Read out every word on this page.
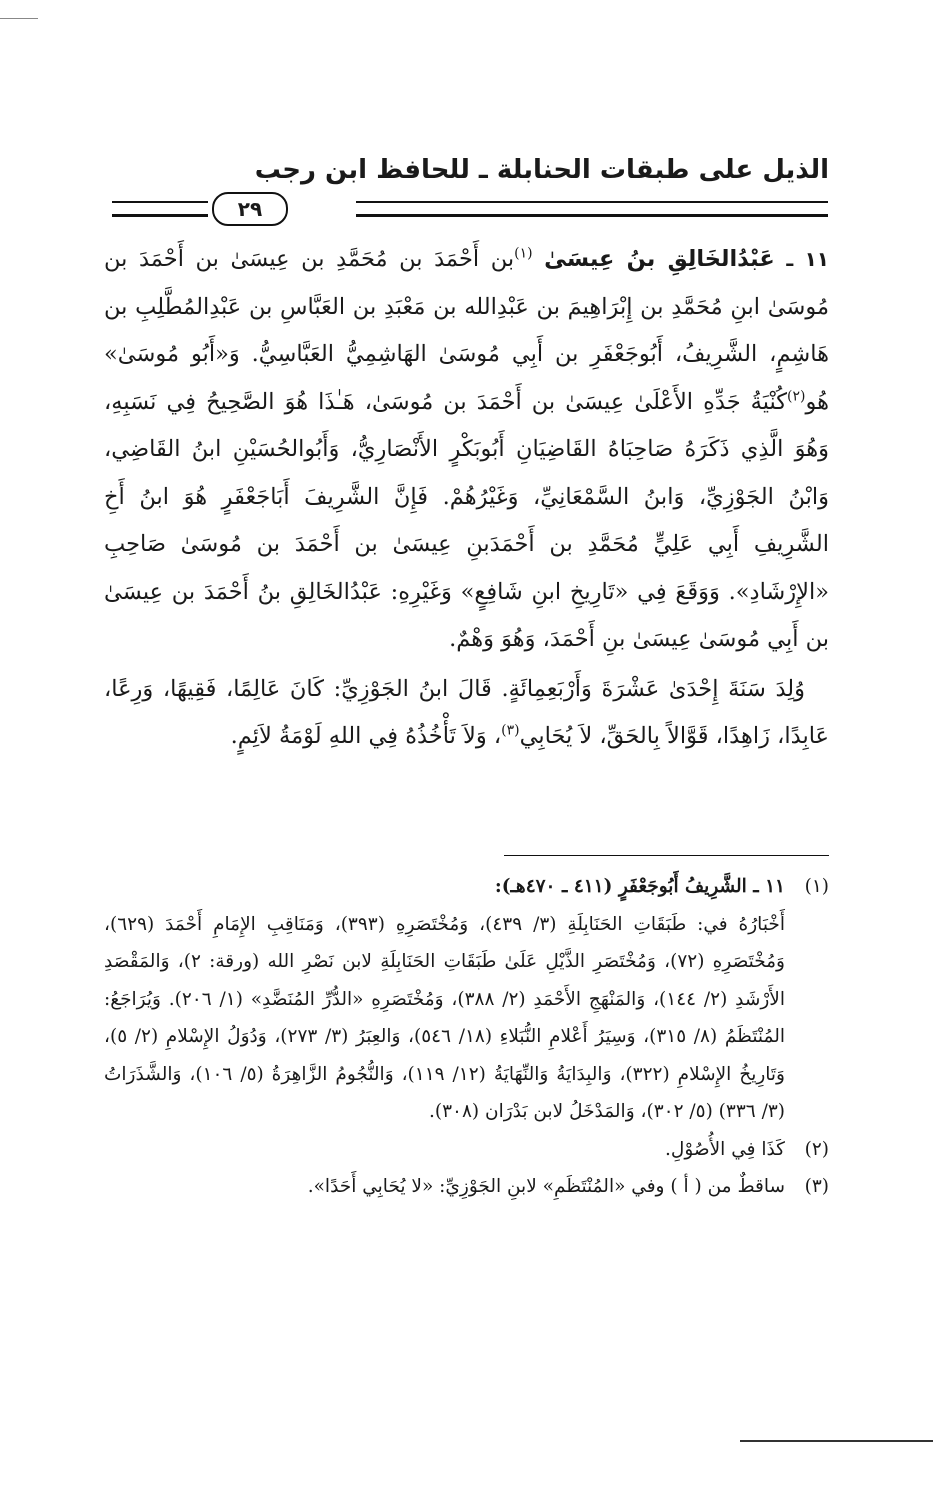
الذيل على طبقات الحنابلة ـ للحافظ ابن رجب
٢٩

١١ ـ عَبْدُالخَالِقِ بنُ عِيسَىٰ $^{(١)}$بن أَحْمَدَ بن مُحَمَّدِ بن عِيسَىٰ بن أَحْمَدَ بن مُوسَىٰ ابنِ مُحَمَّدِ بن إِبْرَاهِيمَ بن عَبْدِالله بن مَعْبَدِ بن العَبَّاسِ بن عَبْدِالمُطَّلِبِ بن هَاشِمٍ، الشَّرِيفُ، أَبُوجَعْفَرِ بن أَبِي مُوسَىٰ الهَاشِمِيُّ العَبَّاسِيُّ. وَ«أَبُو مُوسَىٰ» هُو$^{(٢)}$كُنْيَةُ جَدِّهِ الأَعْلَىٰ عِيسَىٰ بن أَحْمَدَ بن مُوسَىٰ، هَـٰذَا هُوَ الصَّحِيحُ فِي نَسَبِهِ، وَهُوَ الَّذِي ذَكَرَهُ صَاحِبَاهُ القَاضِيَانِ أَبُوبَكْرٍ الأَنْصَارِيُّ، وَأَبُوالحُسَيْنِ ابنُ القَاضِي، وَابْنُ الجَوْزِيِّ، وَابنُ السَّمْعَانِيِّ، وَغَيْرُهُمْ. فَإِنَّ الشَّرِيفَ أَبَاجَعْفَرٍ هُوَ ابنُ أَخِ الشَّرِيفِ أَبِي عَلِيٍّ مُحَمَّدِ بن أَحْمَدَبنِ عِيسَىٰ بن أَحْمَدَ بن مُوسَىٰ صَاحِبِ «الإِرْشَادِ». وَوَقَعَ فِي «تَارِيخِ ابنِ شَافِعٍ» وَغَيْرِهِ: عَبْدُالخَالِقِ بنُ أَحْمَدَ بن عِيسَىٰ بن أَبِي مُوسَىٰ عِيسَىٰ بنِ أَحْمَدَ، وَهُوَ وَهْمٌ.

وُلِدَ سَنَةَ إِحْدَىٰ عَشْرَةَ وَأَرْبَعِمِائَةٍ. قَالَ ابنُ الجَوْزِيِّ: كَانَ عَالِمًا، فَقِيهًا، وَرِعًا، عَابِدًا، زَاهِدًا، قَوَّالاً بِالحَقِّ، لاَ يُحَابِي$^{(٣)}$، وَلاَ تَأْخُذُهُ فِي اللهِ لَوْمَةُ لاَئِمٍ.

(١)
١١ ـ الشَّرِيفُ أَبُوجَعْفَرٍ (٤١١ ـ ٤٧٠هـ):
أَخْبَارُهُ في: طَبَقَاتِ الحَنَابِلَةِ (٣/ ٤٣٩)، وَمُخْتَصَرِهِ (٣٩٣)، وَمَنَاقِبِ الإِمَامِ أَحْمَدَ (٦٢٩)، وَمُخْتَصَرِهِ (٧٢)، وَمُخْتَصَرِ الذَّيْلِ عَلَىٰ طَبَقَاتِ الحَنَابِلَةِ لابن نَصْرِ الله (ورقة: ٢)، وَالمَقْصَدِ الأَرْشَدِ (٢/ ١٤٤)، وَالمَنْهَجِ الأَحْمَدِ (٢/ ٣٨٨)، وَمُخْتَصَرِهِ «الدُّرِّ المُنَضَّدِ» (١/ ٢٠٦). وَيُرَاجَعُ: المُنْتَظَمُ (٨/ ٣١٥)، وَسِيَرُ أَعْلامِ النُّبَلاءِ (١٨/ ٥٤٦)، وَالعِبَرُ (٣/ ٢٧٣)، وَدُوَلُ الإِسْلامِ (٢/ ٥)، وَتَارِيخُ الإِسْلامِ (٣٢٢)، وَالبِدَايَةُ وَالنِّهَايَةُ (١٢/ ١١٩)، وَالنُّجُومُ الزَّاهِرَةُ (٥/ ١٠٦)، وَالشَّذَرَاتُ (٣/ ٣٣٦) (٥/ ٣٠٢)، وَالمَدْخَلُ لابن بَدْرَان (٣٠٨).
(٢)
كَذَا فِي الأُصُوْلِ.
(٣)
ساقطٌ من ( أ ) وفي «المُنْتَظَمِ» لابنِ الجَوْزِيِّ: «لا يُحَابِي أَحَدًا».
